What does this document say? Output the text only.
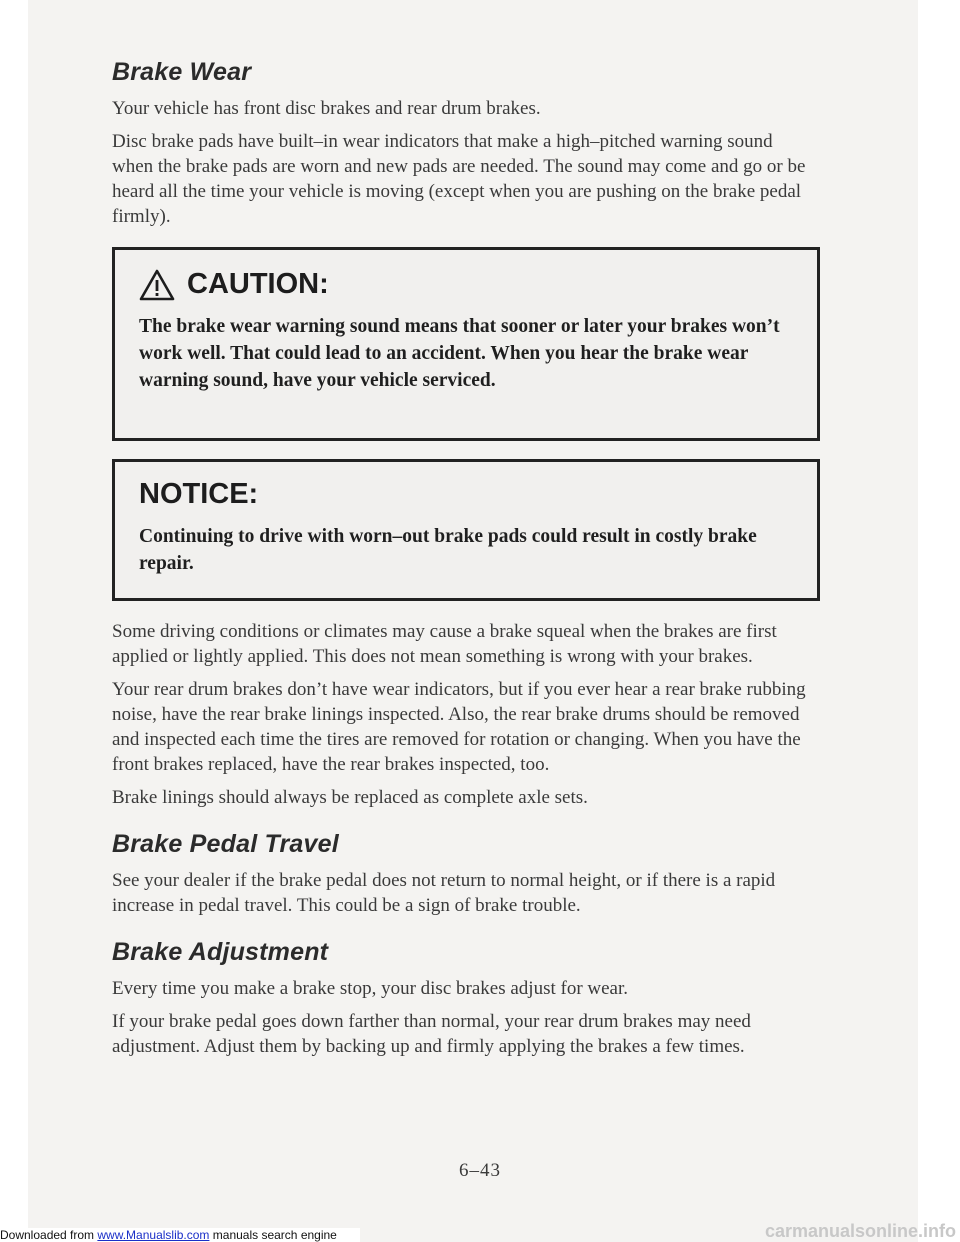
Brake Wear

Your vehicle has front disc brakes and rear drum brakes.

Disc brake pads have built–in wear indicators that make a high–pitched warning sound when the brake pads are worn and new pads are needed. The sound may come and go or be heard all the time your vehicle is moving (except when you are pushing on the brake pedal firmly).

CAUTION:
The brake wear warning sound means that sooner or later your brakes won’t work well. That could lead to an accident. When you hear the brake wear warning sound, have your vehicle serviced.
NOTICE:
Continuing to drive with worn–out brake pads could result in costly brake repair.

Some driving conditions or climates may cause a brake squeal when the brakes are first applied or lightly applied. This does not mean something is wrong with your brakes.

Your rear drum brakes don’t have wear indicators, but if you ever hear a rear brake rubbing noise, have the rear brake linings inspected. Also, the rear brake drums should be removed and inspected each time the tires are removed for rotation or changing. When you have the front brakes replaced, have the rear brakes inspected, too.

Brake linings should always be replaced as complete axle sets.

Brake Pedal Travel

See your dealer if the brake pedal does not return to normal height, or if there is a rapid increase in pedal travel. This could be a sign of brake trouble.

Brake Adjustment

Every time you make a brake stop, your disc brakes adjust for wear.

If your brake pedal goes down farther than normal, your rear drum brakes may need adjustment. Adjust them by backing up and firmly applying the brakes a few times.

6–43
Downloaded from www.Manualslib.com manuals search engine	carmanualsonline.info
